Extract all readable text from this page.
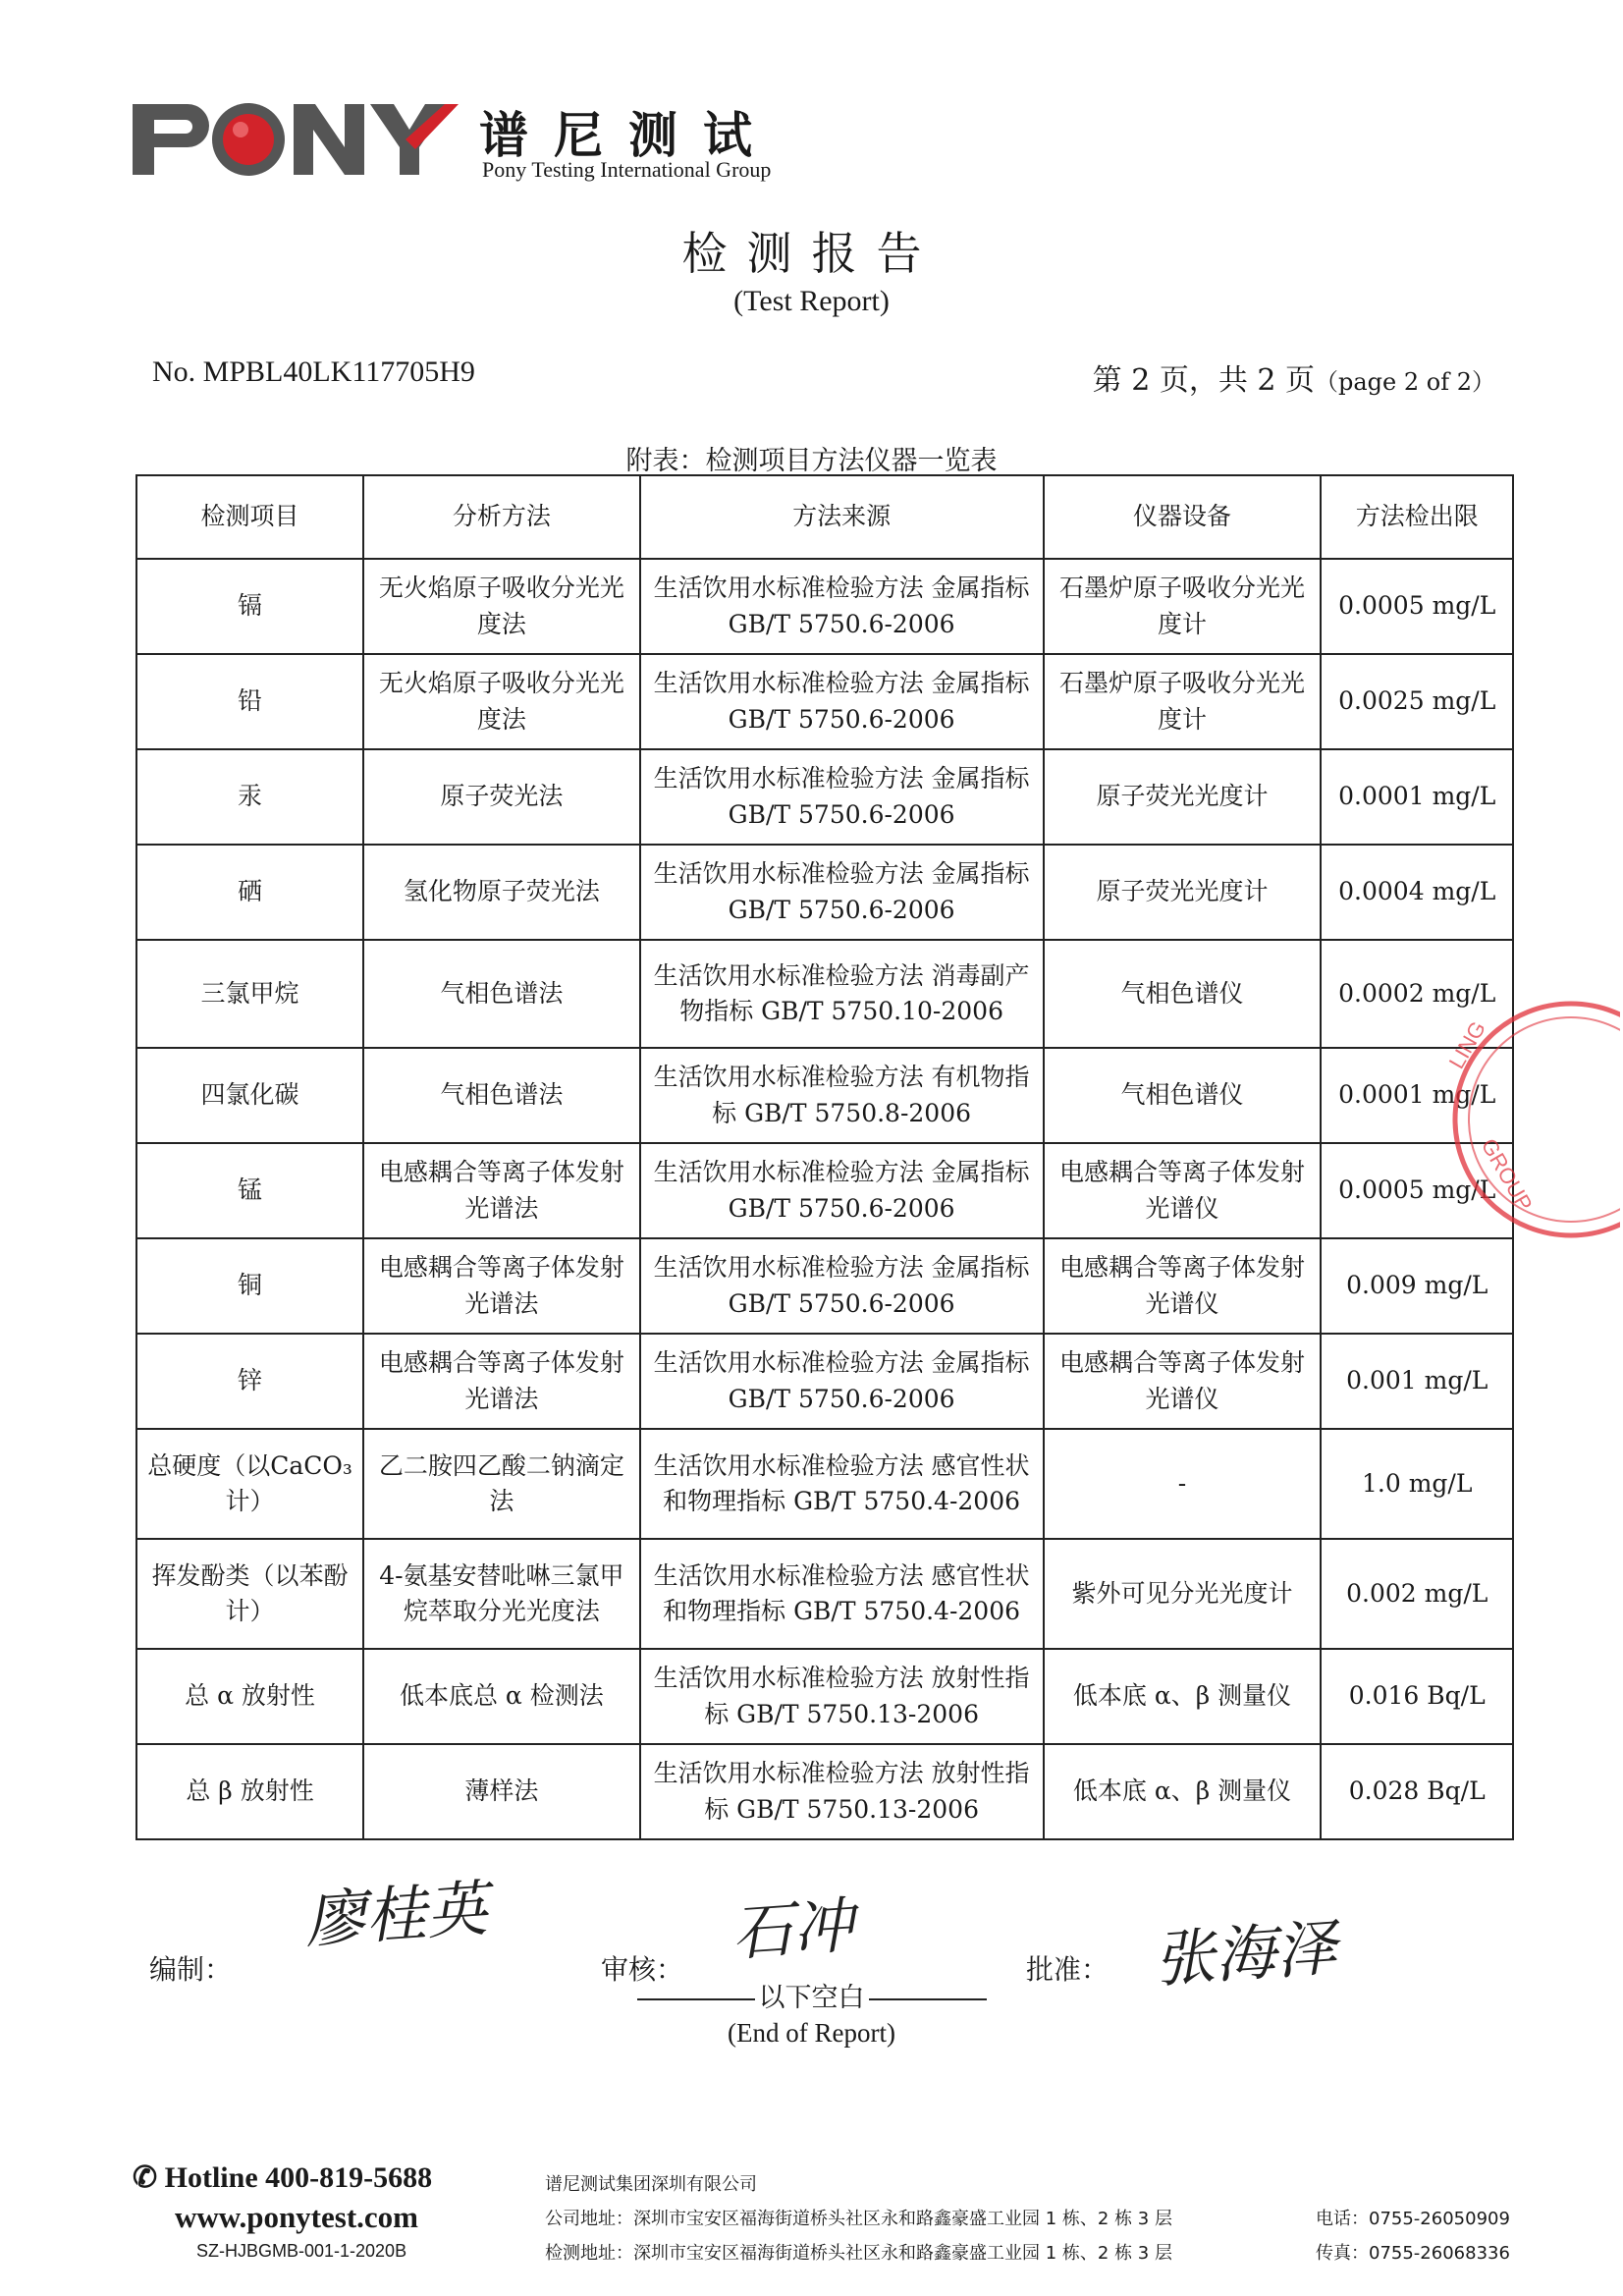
谱尼测试
Pony Testing International Group
检测报告
(Test Report)
No. MPBL40LK117705H9	第 2 页，共 2 页（page 2 of 2）
附表：检测项目方法仪器一览表
检测项目	分析方法	方法来源	仪器设备	方法检出限
镉	无火焰原子吸收分光光度法	生活饮用水标准检验方法 金属指标 GB/T 5750.6-2006	石墨炉原子吸收分光光度计	0.0005 mg/L
铅	无火焰原子吸收分光光度法	生活饮用水标准检验方法 金属指标 GB/T 5750.6-2006	石墨炉原子吸收分光光度计	0.0025 mg/L
汞	原子荧光法	生活饮用水标准检验方法 金属指标 GB/T 5750.6-2006	原子荧光光度计	0.0001 mg/L
硒	氢化物原子荧光法	生活饮用水标准检验方法 金属指标 GB/T 5750.6-2006	原子荧光光度计	0.0004 mg/L
三氯甲烷	气相色谱法	生活饮用水标准检验方法 消毒副产物指标 GB/T 5750.10-2006	气相色谱仪	0.0002 mg/L
四氯化碳	气相色谱法	生活饮用水标准检验方法 有机物指标 GB/T 5750.8-2006	气相色谱仪	0.0001 mg/L
锰	电感耦合等离子体发射光谱法	生活饮用水标准检验方法 金属指标 GB/T 5750.6-2006	电感耦合等离子体发射光谱仪	0.0005 mg/L
铜	电感耦合等离子体发射光谱法	生活饮用水标准检验方法 金属指标 GB/T 5750.6-2006	电感耦合等离子体发射光谱仪	0.009 mg/L
锌	电感耦合等离子体发射光谱法	生活饮用水标准检验方法 金属指标 GB/T 5750.6-2006	电感耦合等离子体发射光谱仪	0.001 mg/L
总硬度（以CaCO₃计）	乙二胺四乙酸二钠滴定法	生活饮用水标准检验方法 感官性状和物理指标 GB/T 5750.4-2006	-	1.0 mg/L
挥发酚类（以苯酚计）	4-氨基安替吡啉三氯甲烷萃取分光光度法	生活饮用水标准检验方法 感官性状和物理指标 GB/T 5750.4-2006	紫外可见分光光度计	0.002 mg/L
总 α 放射性	低本底总 α 检测法	生活饮用水标准检验方法 放射性指标 GB/T 5750.13-2006	低本底 α、β 测量仪	0.016 Bq/L
总 β 放射性	薄样法	生活饮用水标准检验方法 放射性指标 GB/T 5750.13-2006	低本底 α、β 测量仪	0.028 Bq/L
LING
GROUP
编制：
廖桂英
审核：
石冲
批准： 张海泽
以下空白
(End of Report)
✆ Hotline 400-819-5688
www.ponytest.com
SZ-HJBGMB-001-1-2020B
谱尼测试集团深圳有限公司
公司地址：深圳市宝安区福海街道桥头社区永和路鑫豪盛工业园 1 栋、2 栋 3 层
检测地址：深圳市宝安区福海街道桥头社区永和路鑫豪盛工业园 1 栋、2 栋 3 层
电话：0755-26050909
传真：0755-26068336
